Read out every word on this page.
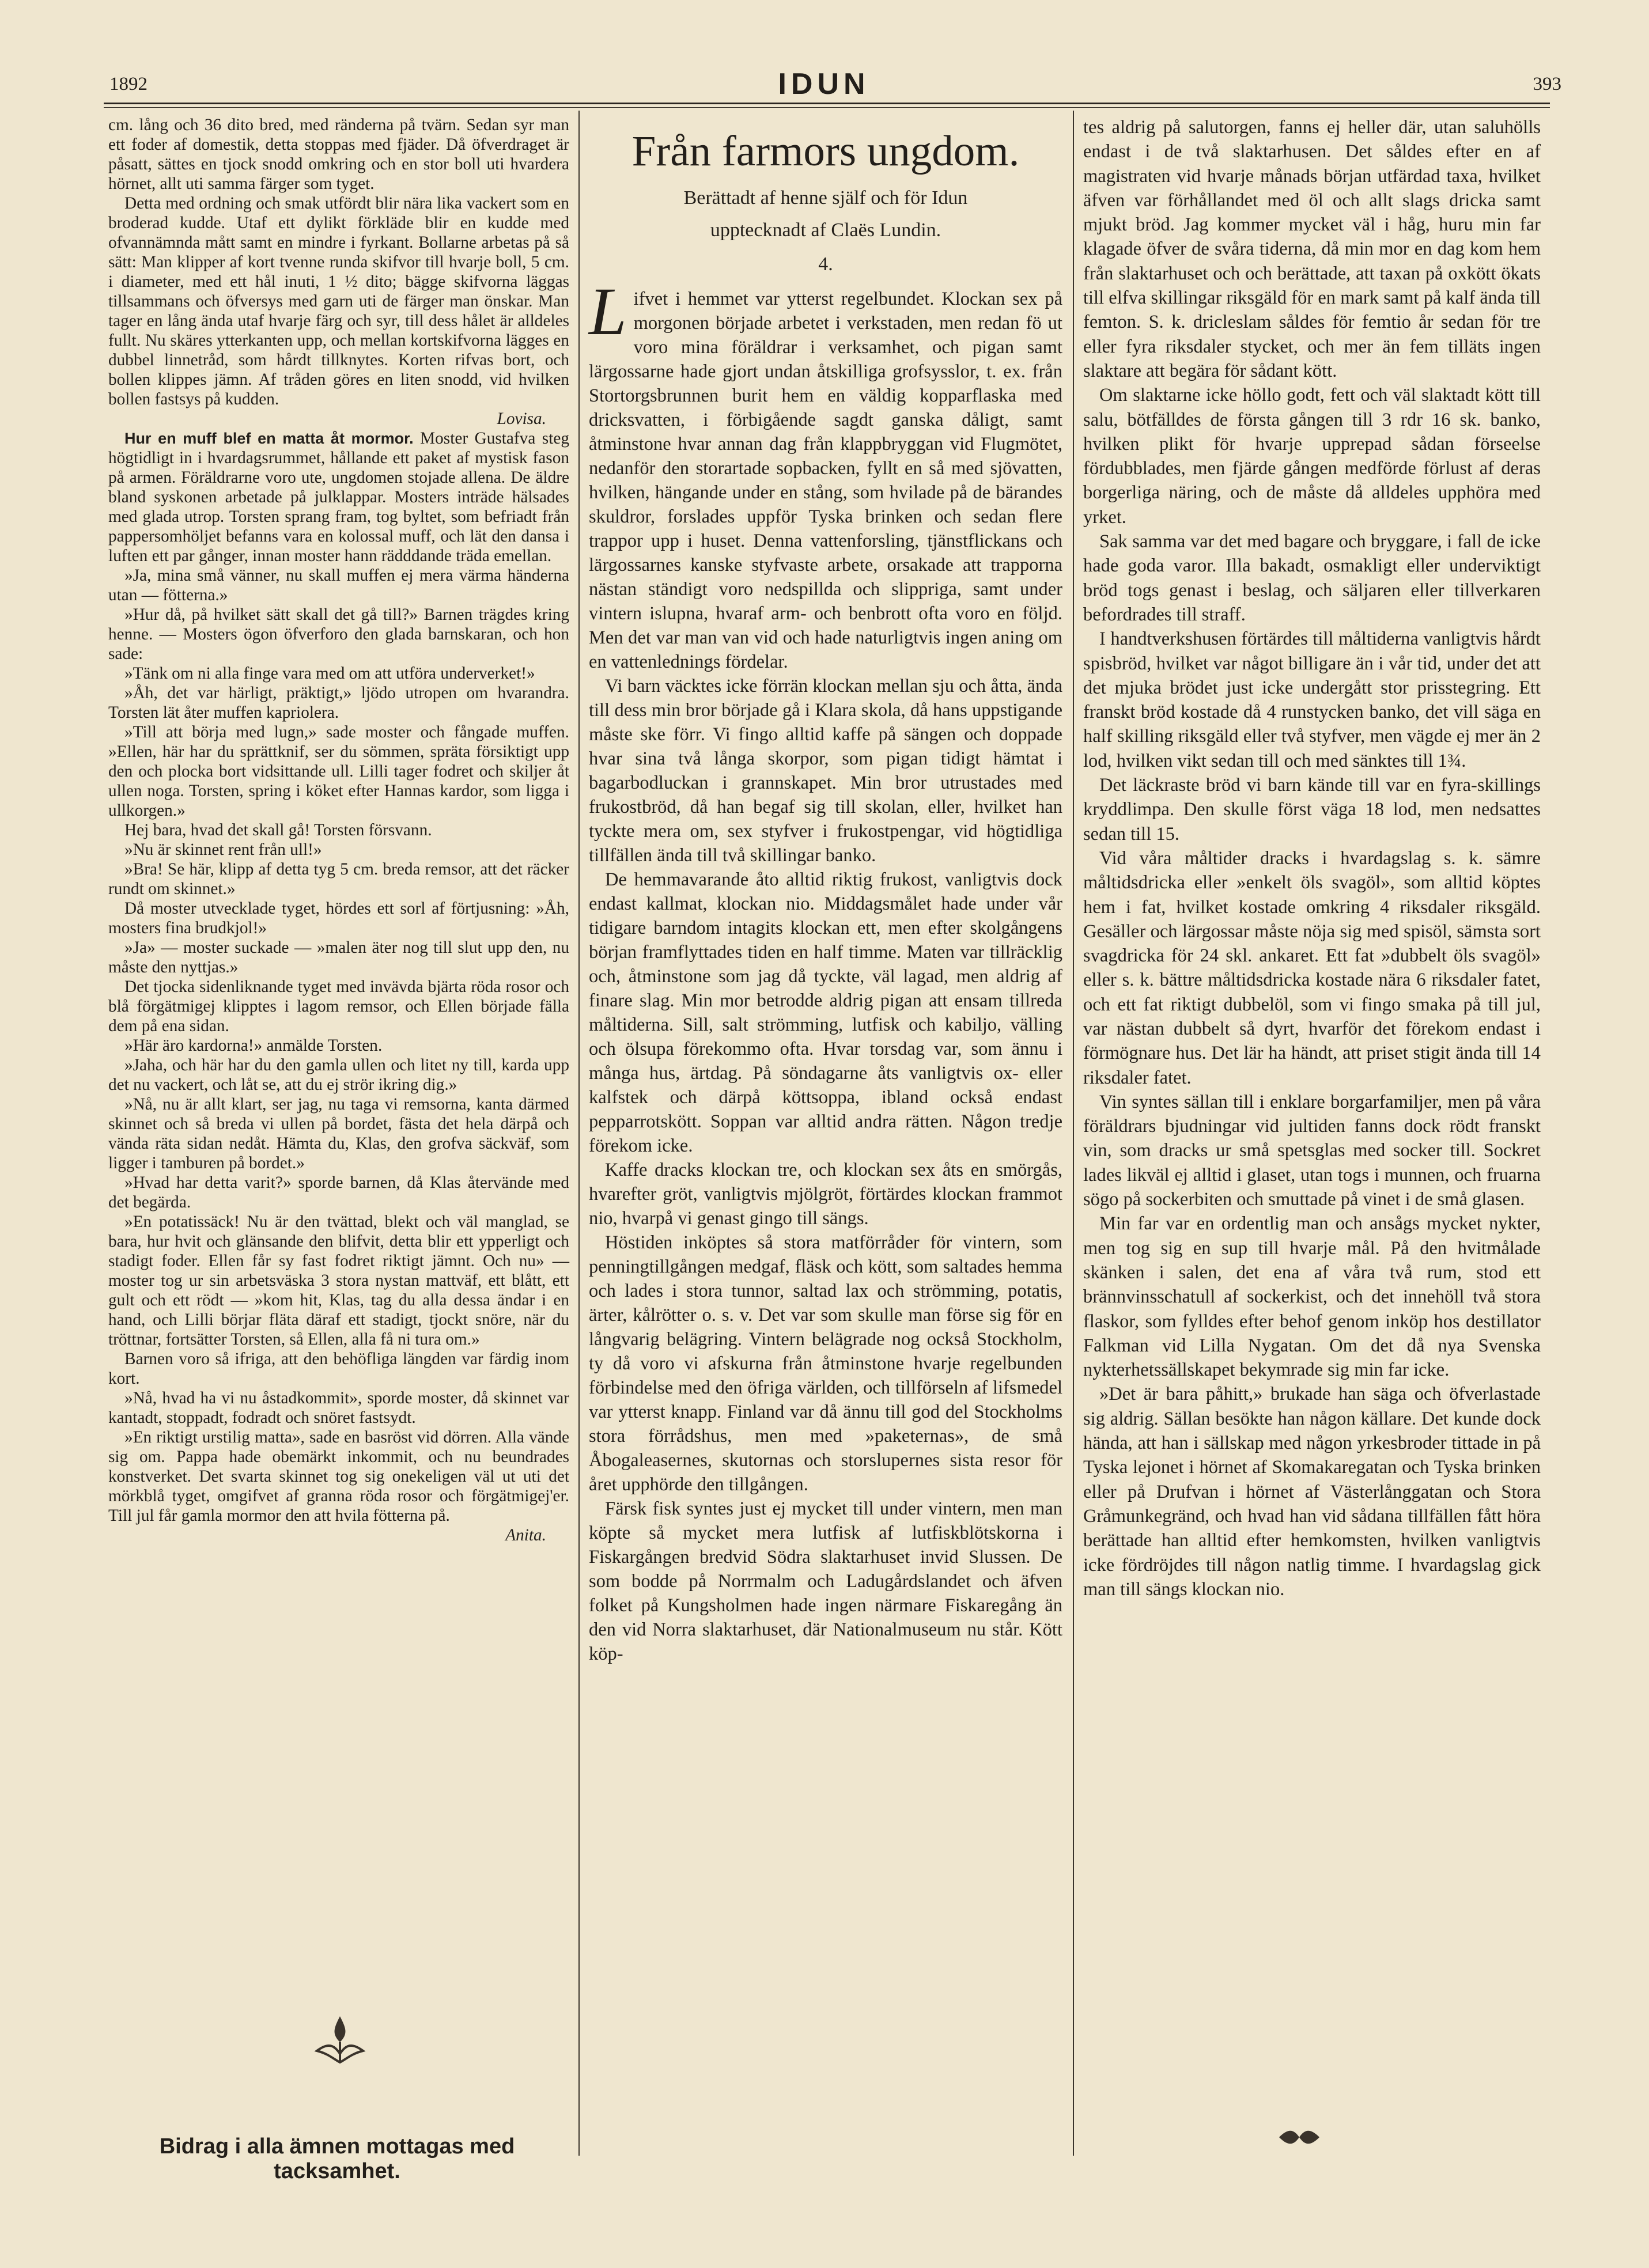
1892	IDUN	393

cm. lång och 36 dito bred, med ränderna på tvärn. Sedan syr man ett foder af domestik, detta stoppas med fjäder. Då öfverdraget är påsatt, sättes en tjock snodd omkring och en stor boll uti hvardera hörnet, allt uti samma färger som tyget.

Detta med ordning och smak utfördt blir nära lika vackert som en broderad kudde. Utaf ett dylikt förkläde blir en kudde med ofvannämnda mått samt en mindre i fyrkant. Bollarne arbetas på så sätt: Man klipper af kort tvenne runda skifvor till hvarje boll, 5 cm. i diameter, med ett hål inuti, 1 ½ dito; bägge skifvorna läggas tillsammans och öfversys med garn uti de färger man önskar. Man tager en lång ända utaf hvarje färg och syr, till dess hålet är alldeles fullt. Nu skäres ytterkanten upp, och mellan kortskifvorna lägges en dubbel linnetråd, som hårdt tillknytes. Korten rifvas bort, och bollen klippes jämn. Af tråden göres en liten snodd, vid hvilken bollen fastsys på kudden.

Lovisa.

Hur en muff blef en matta åt mormor. Moster Gustafva steg högtidligt in i hvardagsrummet, hållande ett paket af mystisk fason på armen. Föräldrarne voro ute, ungdomen stojade allena. De äldre bland syskonen arbetade på julklappar. Mosters inträde hälsades med glada utrop. Torsten sprang fram, tog byltet, som befriadt från pappersomhöljet befanns vara en kolossal muff, och lät den dansa i luften ett par gånger, innan moster hann rädddande träda emellan.

»Ja, mina små vänner, nu skall muffen ej mera värma händerna utan — fötterna.»

»Hur då, på hvilket sätt skall det gå till?» Barnen trägdes kring henne. — Mosters ögon öfverforo den glada barnskaran, och hon sade:

»Tänk om ni alla finge vara med om att utföra underverket!»

»Åh, det var härligt, präktigt,» ljödo utropen om hvarandra. Torsten lät åter muffen kapriolera.

»Till att börja med lugn,» sade moster och fångade muffen. »Ellen, här har du sprättknif, ser du sömmen, spräta försiktigt upp den och plocka bort vidsittande ull. Lilli tager fodret och skiljer åt ullen noga. Torsten, spring i köket efter Hannas kardor, som ligga i ullkorgen.»

Hej bara, hvad det skall gå! Torsten försvann.

»Nu är skinnet rent från ull!»

»Bra! Se här, klipp af detta tyg 5 cm. breda remsor, att det räcker rundt om skinnet.»

Då moster utvecklade tyget, hördes ett sorl af förtjusning: »Åh, mosters fina brudkjol!»

»Ja» — moster suckade — »malen äter nog till slut upp den, nu måste den nyttjas.»

Det tjocka sidenliknande tyget med invävda bjärta röda rosor och blå förgätmigej klipptes i lagom remsor, och Ellen började fälla dem på ena sidan.

»Här äro kardorna!» anmälde Torsten.

»Jaha, och här har du den gamla ullen och litet ny till, karda upp det nu vackert, och låt se, att du ej strör ikring dig.»

»Nå, nu är allt klart, ser jag, nu taga vi remsorna, kanta därmed skinnet och så breda vi ullen på bordet, fästa det hela därpå och vända räta sidan nedåt. Hämta du, Klas, den grofva säckväf, som ligger i tamburen på bordet.»

»Hvad har detta varit?» sporde barnen, då Klas återvände med det begärda.

»En potatissäck! Nu är den tvättad, blekt och väl manglad, se bara, hur hvit och glänsande den blifvit, detta blir ett ypperligt och stadigt foder. Ellen får sy fast fodret riktigt jämnt. Och nu» — moster tog ur sin arbetsväska 3 stora nystan mattväf, ett blått, ett gult och ett rödt — »kom hit, Klas, tag du alla dessa ändar i en hand, och Lilli börjar fläta däraf ett stadigt, tjockt snöre, när du tröttnar, fortsätter Torsten, så Ellen, alla få ni tura om.»

Barnen voro så ifriga, att den behöfliga längden var färdig inom kort.

»Nå, hvad ha vi nu åstadkommit», sporde moster, då skinnet var kantadt, stoppadt, fodradt och snöret fastsydt.

»En riktigt urstilig matta», sade en basröst vid dörren. Alla vände sig om. Pappa hade obemärkt inkommit, och nu beundrades konstverket. Det svarta skinnet tog sig onekeligen väl ut uti det mörkblå tyget, omgifvet af granna röda rosor och förgätmigej'er. Till jul får gamla mormor den att hvila fötterna på.

Anita.
Bidrag i alla ämnen mottagas med tacksamhet.
Från farmors ungdom.
Berättadt af henne själf och för Idun
upptecknadt af Claës Lundin.
4.

Lifvet i hemmet var ytterst regelbundet. Klockan sex på morgonen började arbetet i verkstaden, men redan fö ut voro mina föräldrar i verksamhet, och pigan samt lärgossarne hade gjort undan åtskilliga grofsysslor, t. ex. från Stortorgsbrunnen burit hem en väldig kopparflaska med dricksvatten, i förbigående sagdt ganska dåligt, samt åtminstone hvar annan dag från klappbryggan vid Flugmötet, nedanför den storartade sopbacken, fyllt en så med sjövatten, hvilken, hängande under en stång, som hvilade på de bärandes skuldror, forslades uppför Tyska brinken och sedan flere trappor upp i huset. Denna vattenforsling, tjänstflickans och lärgossarnes kanske styfvaste arbete, orsakade att trapporna nästan ständigt voro nedspillda och slippriga, samt under vintern islupna, hvaraf arm- och benbrott ofta voro en följd. Men det var man van vid och hade naturligtvis ingen aning om en vattenlednings fördelar.

Vi barn väcktes icke förrän klockan mellan sju och åtta, ända till dess min bror började gå i Klara skola, då hans uppstigande måste ske förr. Vi fingo alltid kaffe på sängen och doppade hvar sina två långa skorpor, som pigan tidigt hämtat i bagarbodluckan i grannskapet. Min bror utrustades med frukostbröd, då han begaf sig till skolan, eller, hvilket han tyckte mera om, sex styfver i frukostpengar, vid högtidliga tillfällen ända till två skillingar banko.

De hemmavarande åto alltid riktig frukost, vanligtvis dock endast kallmat, klockan nio. Middagsmålet hade under vår tidigare barndom intagits klockan ett, men efter skolgångens början framflyttades tiden en half timme. Maten var tillräcklig och, åtminstone som jag då tyckte, väl lagad, men aldrig af finare slag. Min mor betrodde aldrig pigan att ensam tillreda måltiderna. Sill, salt strömming, lutfisk och kabiljo, välling och ölsupa förekommo ofta. Hvar torsdag var, som ännu i många hus, ärtdag. På söndagarne åts vanligtvis ox- eller kalfstek och därpå köttsoppa, ibland också endast pepparrotskött. Soppan var alltid andra rätten. Någon tredje förekom icke.

Kaffe dracks klockan tre, och klockan sex åts en smörgås, hvarefter gröt, vanligtvis mjölgröt, förtärdes klockan frammot nio, hvarpå vi genast gingo till sängs.

Höstiden inköptes så stora matförråder för vintern, som penningtillgången medgaf, fläsk och kött, som saltades hemma och lades i stora tunnor, saltad lax och strömming, potatis, ärter, kålrötter o. s. v. Det var som skulle man förse sig för en långvarig belägring. Vintern belägrade nog också Stockholm, ty då voro vi afskurna från åtminstone hvarje regelbunden förbindelse med den öfriga världen, och tillförseln af lifsmedel var ytterst knapp. Finland var då ännu till god del Stockholms stora förrådshus, men med »paketernas», de små Åbogaleasernes, skutornas och storslupernes sista resor för året upphörde den tillgången.

Färsk fisk syntes just ej mycket till under vintern, men man köpte så mycket mera lutfisk af lutfiskblötskorna i Fiskargången bredvid Södra slaktarhuset invid Slussen. De som bodde på Norrmalm och Ladugårdslandet och äfven folket på Kungsholmen hade ingen närmare Fiskaregång än den vid Norra slaktarhuset, där Nationalmuseum nu står. Kött köp-

tes aldrig på salutorgen, fanns ej heller där, utan saluhölls endast i de två slaktarhusen. Det såldes efter en af magistraten vid hvarje månads början utfärdad taxa, hvilket äfven var förhållandet med öl och allt slags dricka samt mjukt bröd. Jag kommer mycket väl i håg, huru min far klagade öfver de svåra tiderna, då min mor en dag kom hem från slaktarhuset och och berättade, att taxan på oxkött ökats till elfva skillingar riksgäld för en mark samt på kalf ända till femton. S. k. dricleslam såldes för femtio år sedan för tre eller fyra riksdaler stycket, och mer än fem tilläts ingen slaktare att begära för sådant kött.

Om slaktarne icke höllo godt, fett och väl slaktadt kött till salu, bötfälldes de första gången till 3 rdr 16 sk. banko, hvilken plikt för hvarje upprepad sådan förseelse fördubblades, men fjärde gången medförde förlust af deras borgerliga näring, och de måste då alldeles upphöra med yrket.

Sak samma var det med bagare och bryggare, i fall de icke hade goda varor. Illa bakadt, osmakligt eller underviktigt bröd togs genast i beslag, och säljaren eller tillverkaren befordrades till straff.

I handtverkshusen förtärdes till måltiderna vanligtvis hårdt spisbröd, hvilket var något billigare än i vår tid, under det att det mjuka brödet just icke undergått stor prisstegring. Ett franskt bröd kostade då 4 runstycken banko, det vill säga en half skilling riksgäld eller två styfver, men vägde ej mer än 2 lod, hvilken vikt sedan till och med sänktes till 1¾.

Det läckraste bröd vi barn kände till var en fyra-skillings kryddlimpa. Den skulle först väga 18 lod, men nedsattes sedan till 15.

Vid våra måltider dracks i hvardagslag s. k. sämre måltidsdricka eller »enkelt öls svagöl», som alltid köptes hem i fat, hvilket kostade omkring 4 riksdaler riksgäld. Gesäller och lärgossar måste nöja sig med spisöl, sämsta sort svagdricka för 24 skl. ankaret. Ett fat »dubbelt öls svagöl» eller s. k. bättre måltidsdricka kostade nära 6 riksdaler fatet, och ett fat riktigt dubbelöl, som vi fingo smaka på till jul, var nästan dubbelt så dyrt, hvarför det förekom endast i förmögnare hus. Det lär ha händt, att priset stigit ända till 14 riksdaler fatet.

Vin syntes sällan till i enklare borgarfamiljer, men på våra föräldrars bjudningar vid jultiden fanns dock rödt franskt vin, som dracks ur små spetsglas med socker till. Sockret lades likväl ej alltid i glaset, utan togs i munnen, och fruarna sögo på sockerbiten och smuttade på vinet i de små glasen.

Min far var en ordentlig man och ansågs mycket nykter, men tog sig en sup till hvarje mål. På den hvitmålade skänken i salen, det ena af våra två rum, stod ett brännvinsschatull af sockerkist, och det innehöll två stora flaskor, som fylldes efter behof genom inköp hos destillator Falkman vid Lilla Nygatan. Om det då nya Svenska nykterhetssällskapet bekymrade sig min far icke.

»Det är bara påhitt,» brukade han säga och öfverlastade sig aldrig. Sällan besökte han någon källare. Det kunde dock hända, att han i sällskap med någon yrkesbroder tittade in på Tyska lejonet i hörnet af Skomakaregatan och Tyska brinken eller på Drufvan i hörnet af Västerlånggatan och Stora Gråmunkegränd, och hvad han vid sådana tillfällen fått höra berättade han alltid efter hemkomsten, hvilken vanligtvis icke fördröjdes till någon natlig timme. I hvardagslag gick man till sängs klockan nio.
